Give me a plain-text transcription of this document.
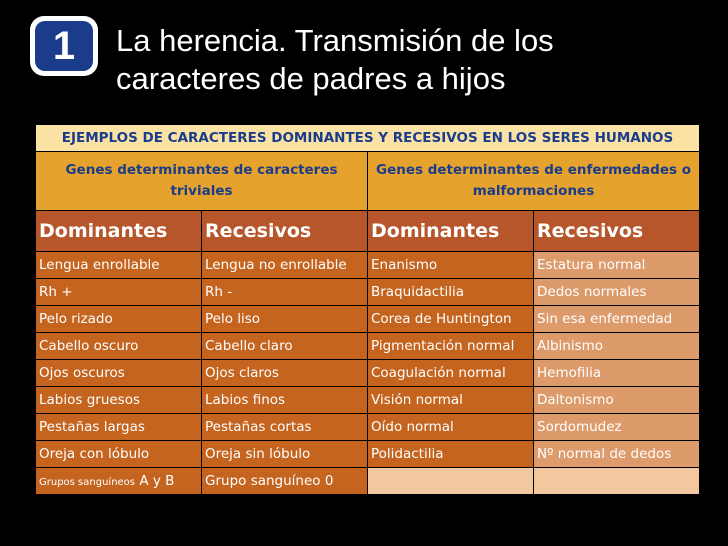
1	La herencia. Transmisión de los
caracteres de padres a hijos
EJEMPLOS DE CARACTERES DOMINANTES Y RECESIVOS EN LOS SERES HUMANOS			
Genes determinantes de caracteres triviales		Genes determinantes de enfermedades o malformaciones	
Dominantes	Recesivos	Dominantes	Recesivos
Lengua enrollable	Lengua no enrollable	Enanismo	Estatura normal
Rh +	Rh -	Braquidactilia	Dedos normales
Pelo rizado	Pelo liso	Corea de Huntington	Sin esa enfermedad
Cabello oscuro	Cabello claro	Pigmentación normal	Albinismo
Ojos oscuros	Ojos claros	Coagulación normal	Hemofilia
Labios gruesos	Labios finos	Visión normal	Daltonismo
Pestañas largas	Pestañas cortas	Oído normal	Sordomudez
Oreja con lóbulo	Oreja sin lóbulo	Polidactilia	Nº normal de dedos
Grupos sanguíneos A y B	Grupo sanguíneo 0		
